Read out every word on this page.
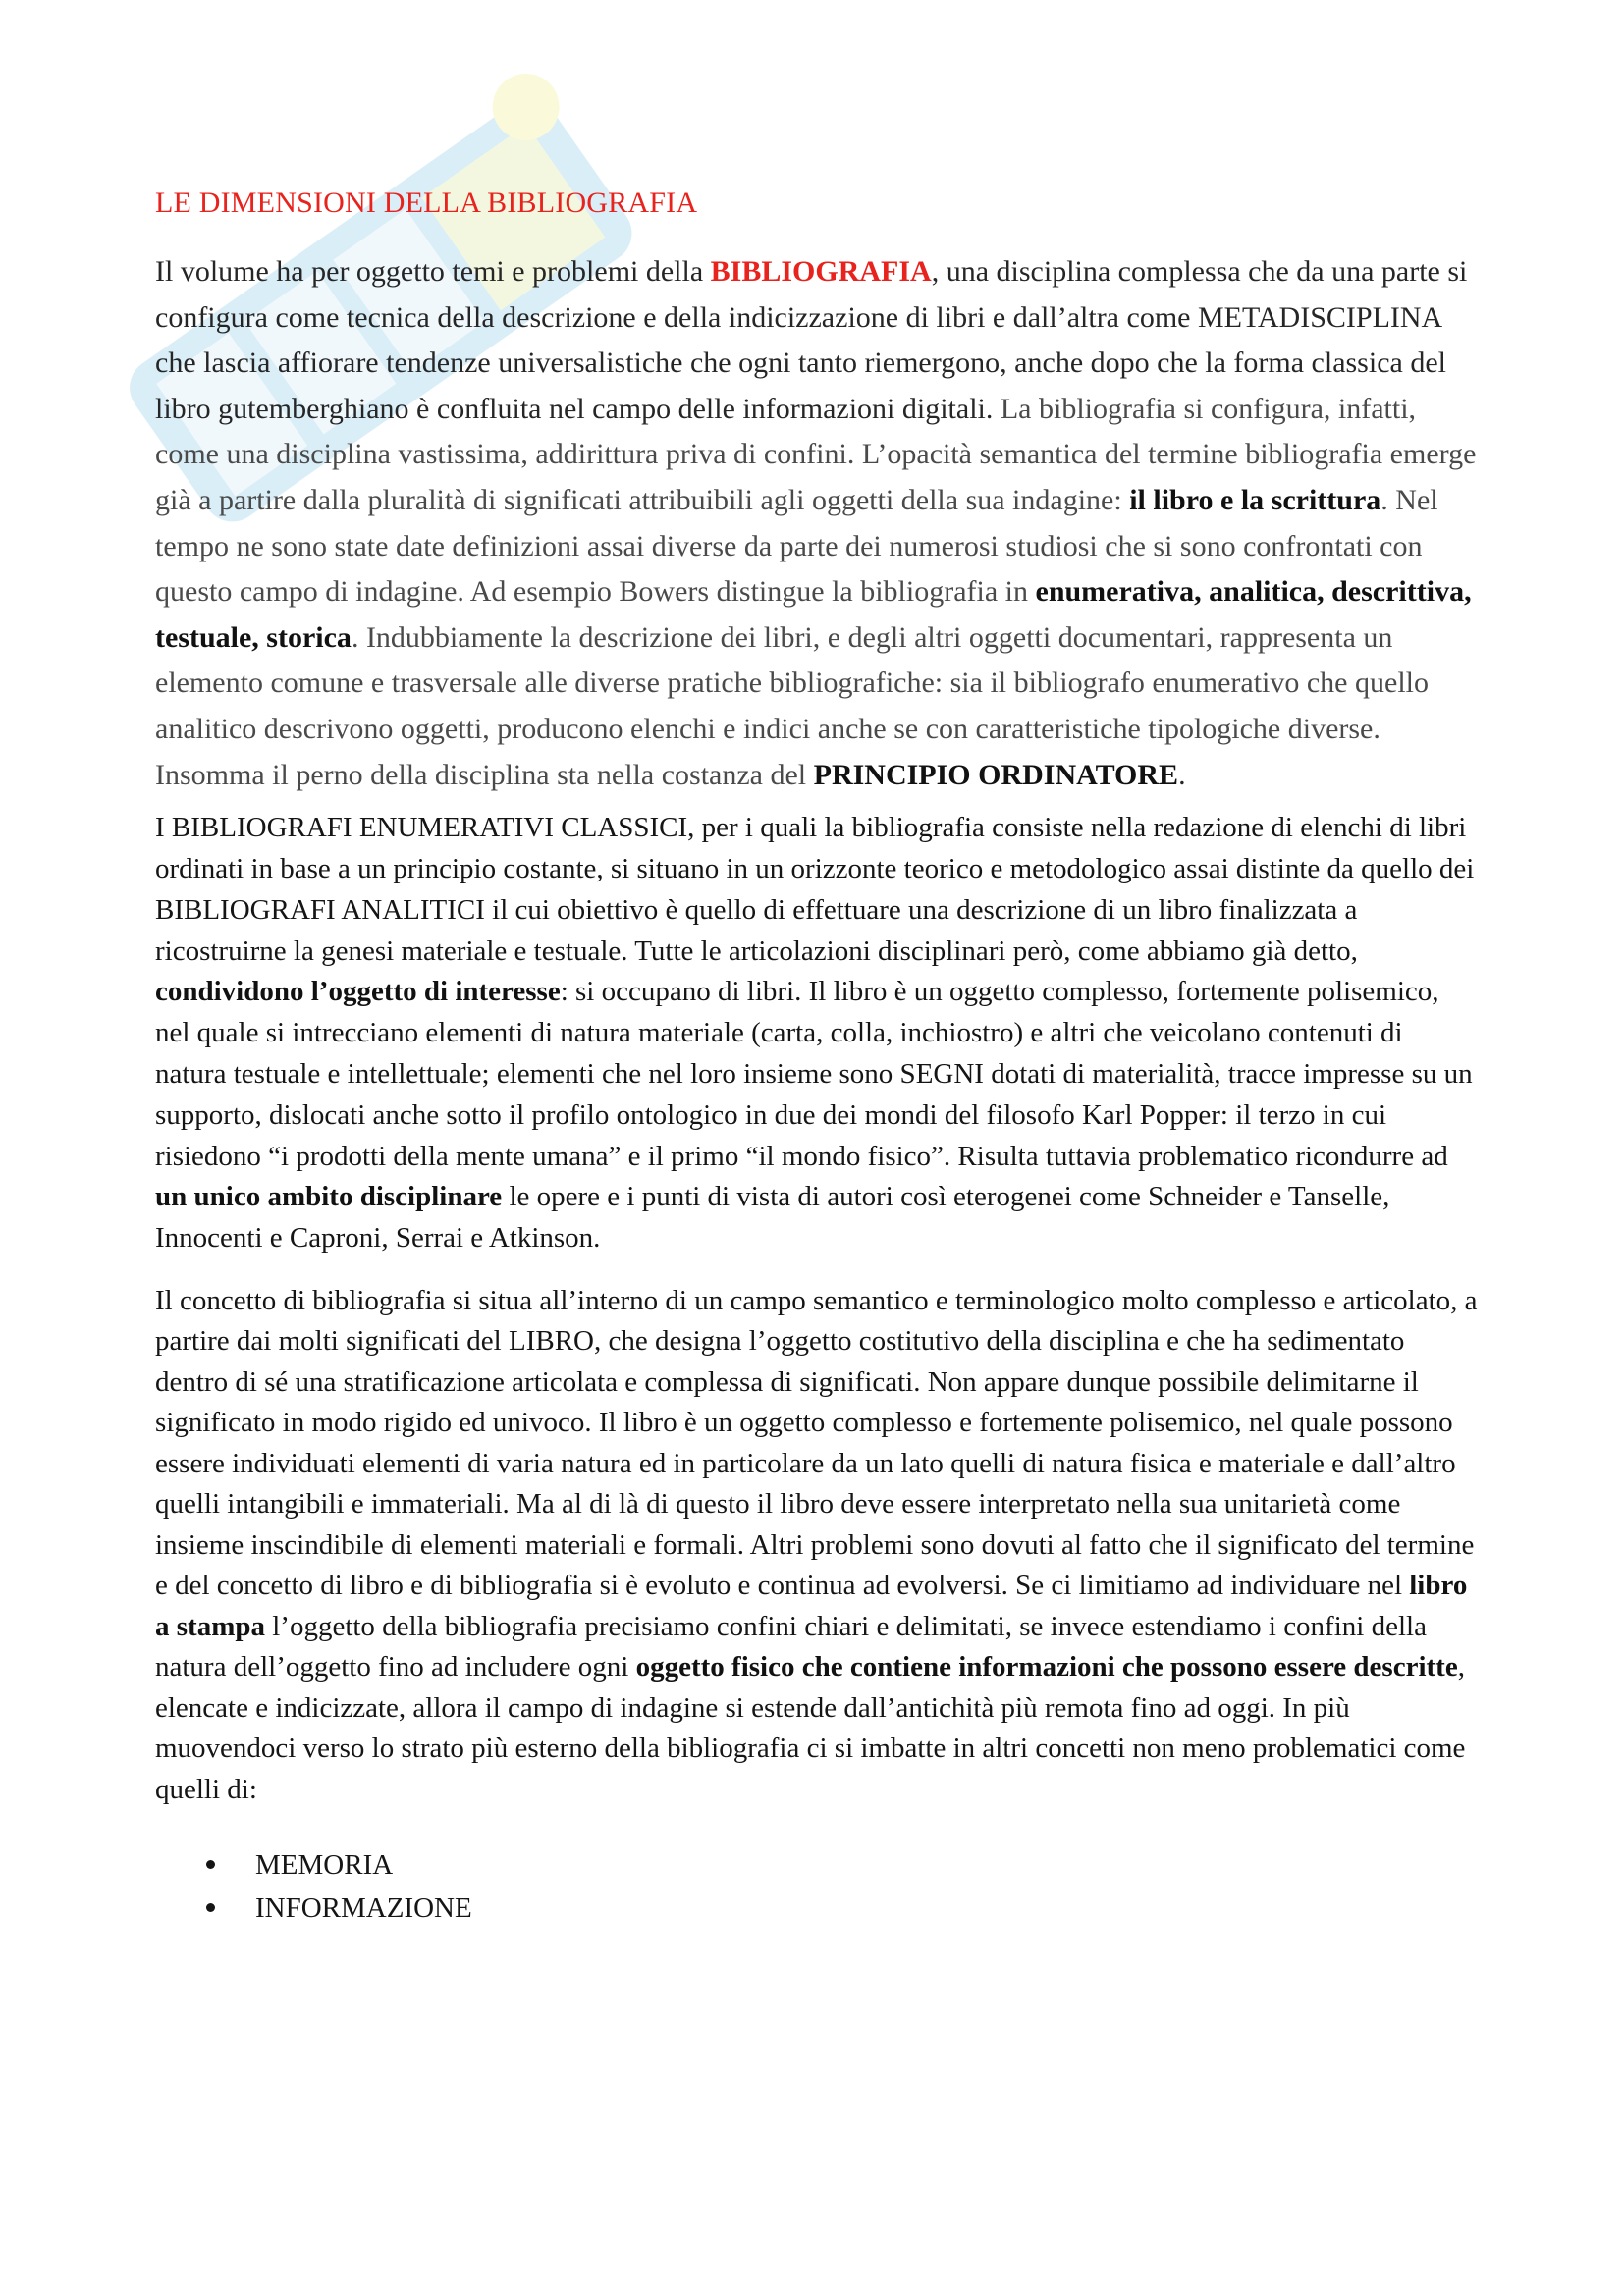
LE DIMENSIONI DELLA BIBLIOGRAFIA

Il volume ha per oggetto temi e problemi della BIBLIOGRAFIA, una disciplina complessa che da una parte si configura come tecnica della descrizione e della indicizzazione di libri e dall’altra come METADISCIPLINA che lascia affiorare tendenze universalistiche che ogni tanto riemergono, anche dopo che la forma classica del libro gutemberghiano è confluita nel campo delle informazioni digitali. La bibliografia si configura, infatti, come una disciplina vastissima, addirittura priva di confini. L’opacità semantica del termine bibliografia emerge già a partire dalla pluralità di significati attribuibili agli oggetti della sua indagine: il libro e la scrittura. Nel tempo ne sono state date definizioni assai diverse da parte dei numerosi studiosi che si sono confrontati con questo campo di indagine. Ad esempio Bowers distingue la bibliografia in enumerativa, analitica, descrittiva, testuale, storica. Indubbiamente la descrizione dei libri, e degli altri oggetti documentari, rappresenta un elemento comune e trasversale alle diverse pratiche bibliografiche: sia il bibliografo enumerativo che quello analitico descrivono oggetti, producono elenchi e indici anche se con caratteristiche tipologiche diverse. Insomma il perno della disciplina sta nella costanza del PRINCIPIO ORDINATORE.

I BIBLIOGRAFI ENUMERATIVI CLASSICI, per i quali la bibliografia consiste nella redazione di elenchi di libri ordinati in base a un principio costante, si situano in un orizzonte teorico e metodologico assai distinte da quello dei BIBLIOGRAFI ANALITICI il cui obiettivo è quello di effettuare una descrizione di un libro finalizzata a ricostruirne la genesi materiale e testuale. Tutte le articolazioni disciplinari però, come abbiamo già detto, condividono l’oggetto di interesse: si occupano di libri. Il libro è un oggetto complesso, fortemente polisemico, nel quale si intrecciano elementi di natura materiale (carta, colla, inchiostro) e altri che veicolano contenuti di natura testuale e intellettuale; elementi che nel loro insieme sono SEGNI dotati di materialità, tracce impresse su un supporto, dislocati anche sotto il profilo ontologico in due dei mondi del filosofo Karl Popper: il terzo in cui risiedono “i prodotti della mente umana” e il primo “il mondo fisico”. Risulta tuttavia problematico ricondurre ad un unico ambito disciplinare le opere e i punti di vista di autori così eterogenei come Schneider e Tanselle, Innocenti e Caproni, Serrai e Atkinson.

Il concetto di bibliografia si situa all’interno di un campo semantico e terminologico molto complesso e articolato, a partire dai molti significati del LIBRO, che designa l’oggetto costitutivo della disciplina e che ha sedimentato dentro di sé una stratificazione articolata e complessa di significati. Non appare dunque possibile delimitarne il significato in modo rigido ed univoco. Il libro è un oggetto complesso e fortemente polisemico, nel quale possono essere individuati elementi di varia natura ed in particolare da un lato quelli di natura fisica e materiale e dall’altro quelli intangibili e immateriali. Ma al di là di questo il libro deve essere interpretato nella sua unitarietà come insieme inscindibile di elementi materiali e formali. Altri problemi sono dovuti al fatto che il significato del termine e del concetto di libro e di bibliografia si è evoluto e continua ad evolversi. Se ci limitiamo ad individuare nel libro a stampa l’oggetto della bibliografia precisiamo confini chiari e delimitati, se invece estendiamo i confini della natura dell’oggetto fino ad includere ogni oggetto fisico che contiene informazioni che possono essere descritte, elencate e indicizzate, allora il campo di indagine si estende dall’antichità più remota fino ad oggi. In più muovendoci verso lo strato più esterno della bibliografia ci si imbatte in altri concetti non meno problematici come quelli di:

MEMORIA
INFORMAZIONE
